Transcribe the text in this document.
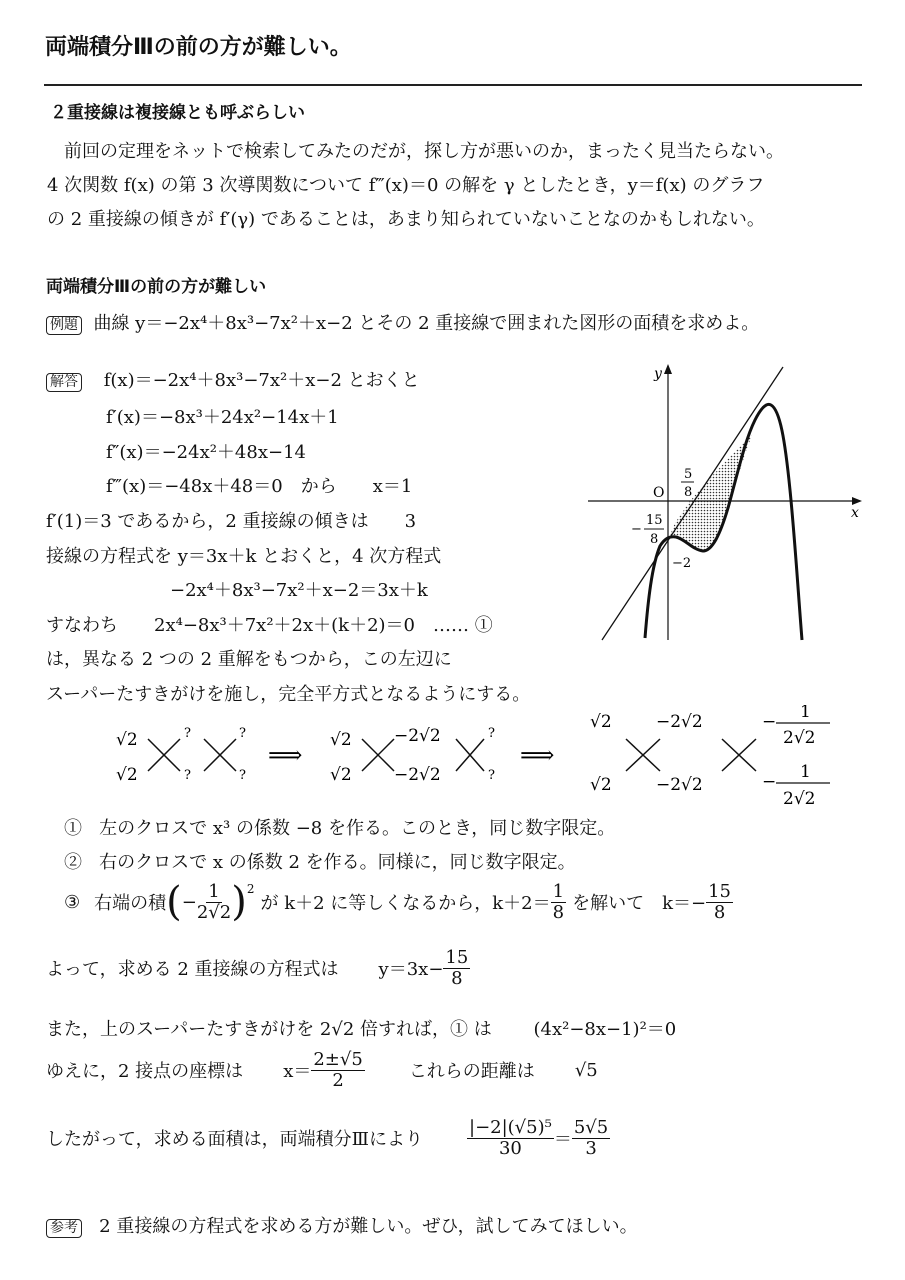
両端積分Ⅲの前の方が難しい。
２重接線は複接線とも呼ぶらしい
前回の定理をネットで検索してみたのだが，探し方が悪いのか，まったく見当たらない。
4 次関数 f(x) の第 3 次導関数について f‴(x)＝0 の解を γ としたとき，y＝f(x) のグラフ
の 2 重接線の傾きが f′(γ) であることは，あまり知られていないことなのかもしれない。
両端積分Ⅲの前の方が難しい
例題 曲線 y＝−2x⁴＋8x³−7x²＋x−2 とその 2 重接線で囲まれた図形の面積を求めよ。
解答 f(x)＝−2x⁴＋8x³−7x²＋x−2 とおくと
f′(x)＝−8x³＋24x²−14x＋1
f″(x)＝−24x²＋48x−14
f‴(x)＝−48x＋48＝0　から　　x＝1
f′(1)＝3 であるから，2 重接線の傾きは　　3
接線の方程式を y＝3x＋k とおくと，4 次方程式
−2x⁴＋8x³−7x²＋x−2＝3x＋k
すなわち　　2x⁴−8x³＋7x²＋2x＋(k＋2)＝0　…… ①
は，異なる 2 つの 2 重解をもつから，この左辺に
スーパーたすきがけを施し，完全平方式となるようにする。
y
x
O
5
8
−
15
8
−2
√2
√2
?
?
?
?
⟹
√2
√2
−2√2
−2√2
?
?
⟹
√2
√2
−2√2
−2√2
− 1
2√2
− 1
2√2
① 左のクロスで x³ の係数 −8 を作る。このとき，同じ数字限定。
② 右のクロスで x の係数 2 を作る。同様に，同じ数字限定。
③ 右端の積 ( − $\frac{1}{2√2}$ ) 2
が k＋2 に等しくなるから，$k+2= \frac{1}{8}$ を解いて　$k=- \frac{15}{8}$
よって，求める 2 重接線の方程式は $y=3x- \frac{15}{8}$
また，上のスーパーたすきがけを 2√2 倍すれば，① は (4x²−8x−1)²＝0
ゆえに，2 接点の座標は $x= \frac{2\pm√5}{2}$ これらの距離は √5
したがって，求める面積は，両端積分Ⅲにより $\frac{\text{|−2|(√5)⁵}}{30} = \frac{5√5}{3}$
参考 2 重接線の方程式を求める方が難しい。ぜひ，試してみてほしい。
